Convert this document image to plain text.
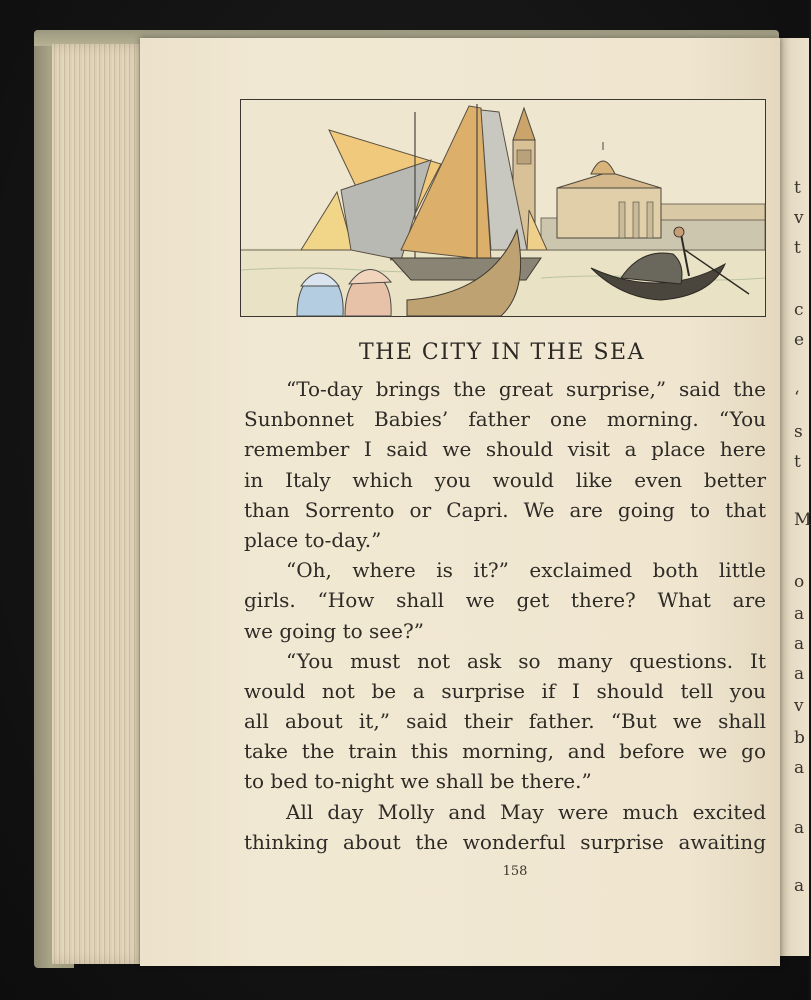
t
v
t
c
e
‘
s
t
M
o
a
a
a
v
b
a
a
a
THE CITY IN THE SEA
“To-day brings the great surprise,” said the
Sunbonnet Babies’ father one morning. “You
remember I said we should visit a place here
in Italy which you would like even better
than Sorrento or Capri. We are going to that
place to-day.”
“Oh, where is it?” exclaimed both little
girls. “How shall we get there? What are
we going to see?”
“You must not ask so many questions. It
would not be a surprise if I should tell you
all about it,” said their father. “But we shall
take the train this morning, and before we go
to bed to-night we shall be there.”
All day Molly and May were much excited
thinking about the wonderful surprise awaiting
158
